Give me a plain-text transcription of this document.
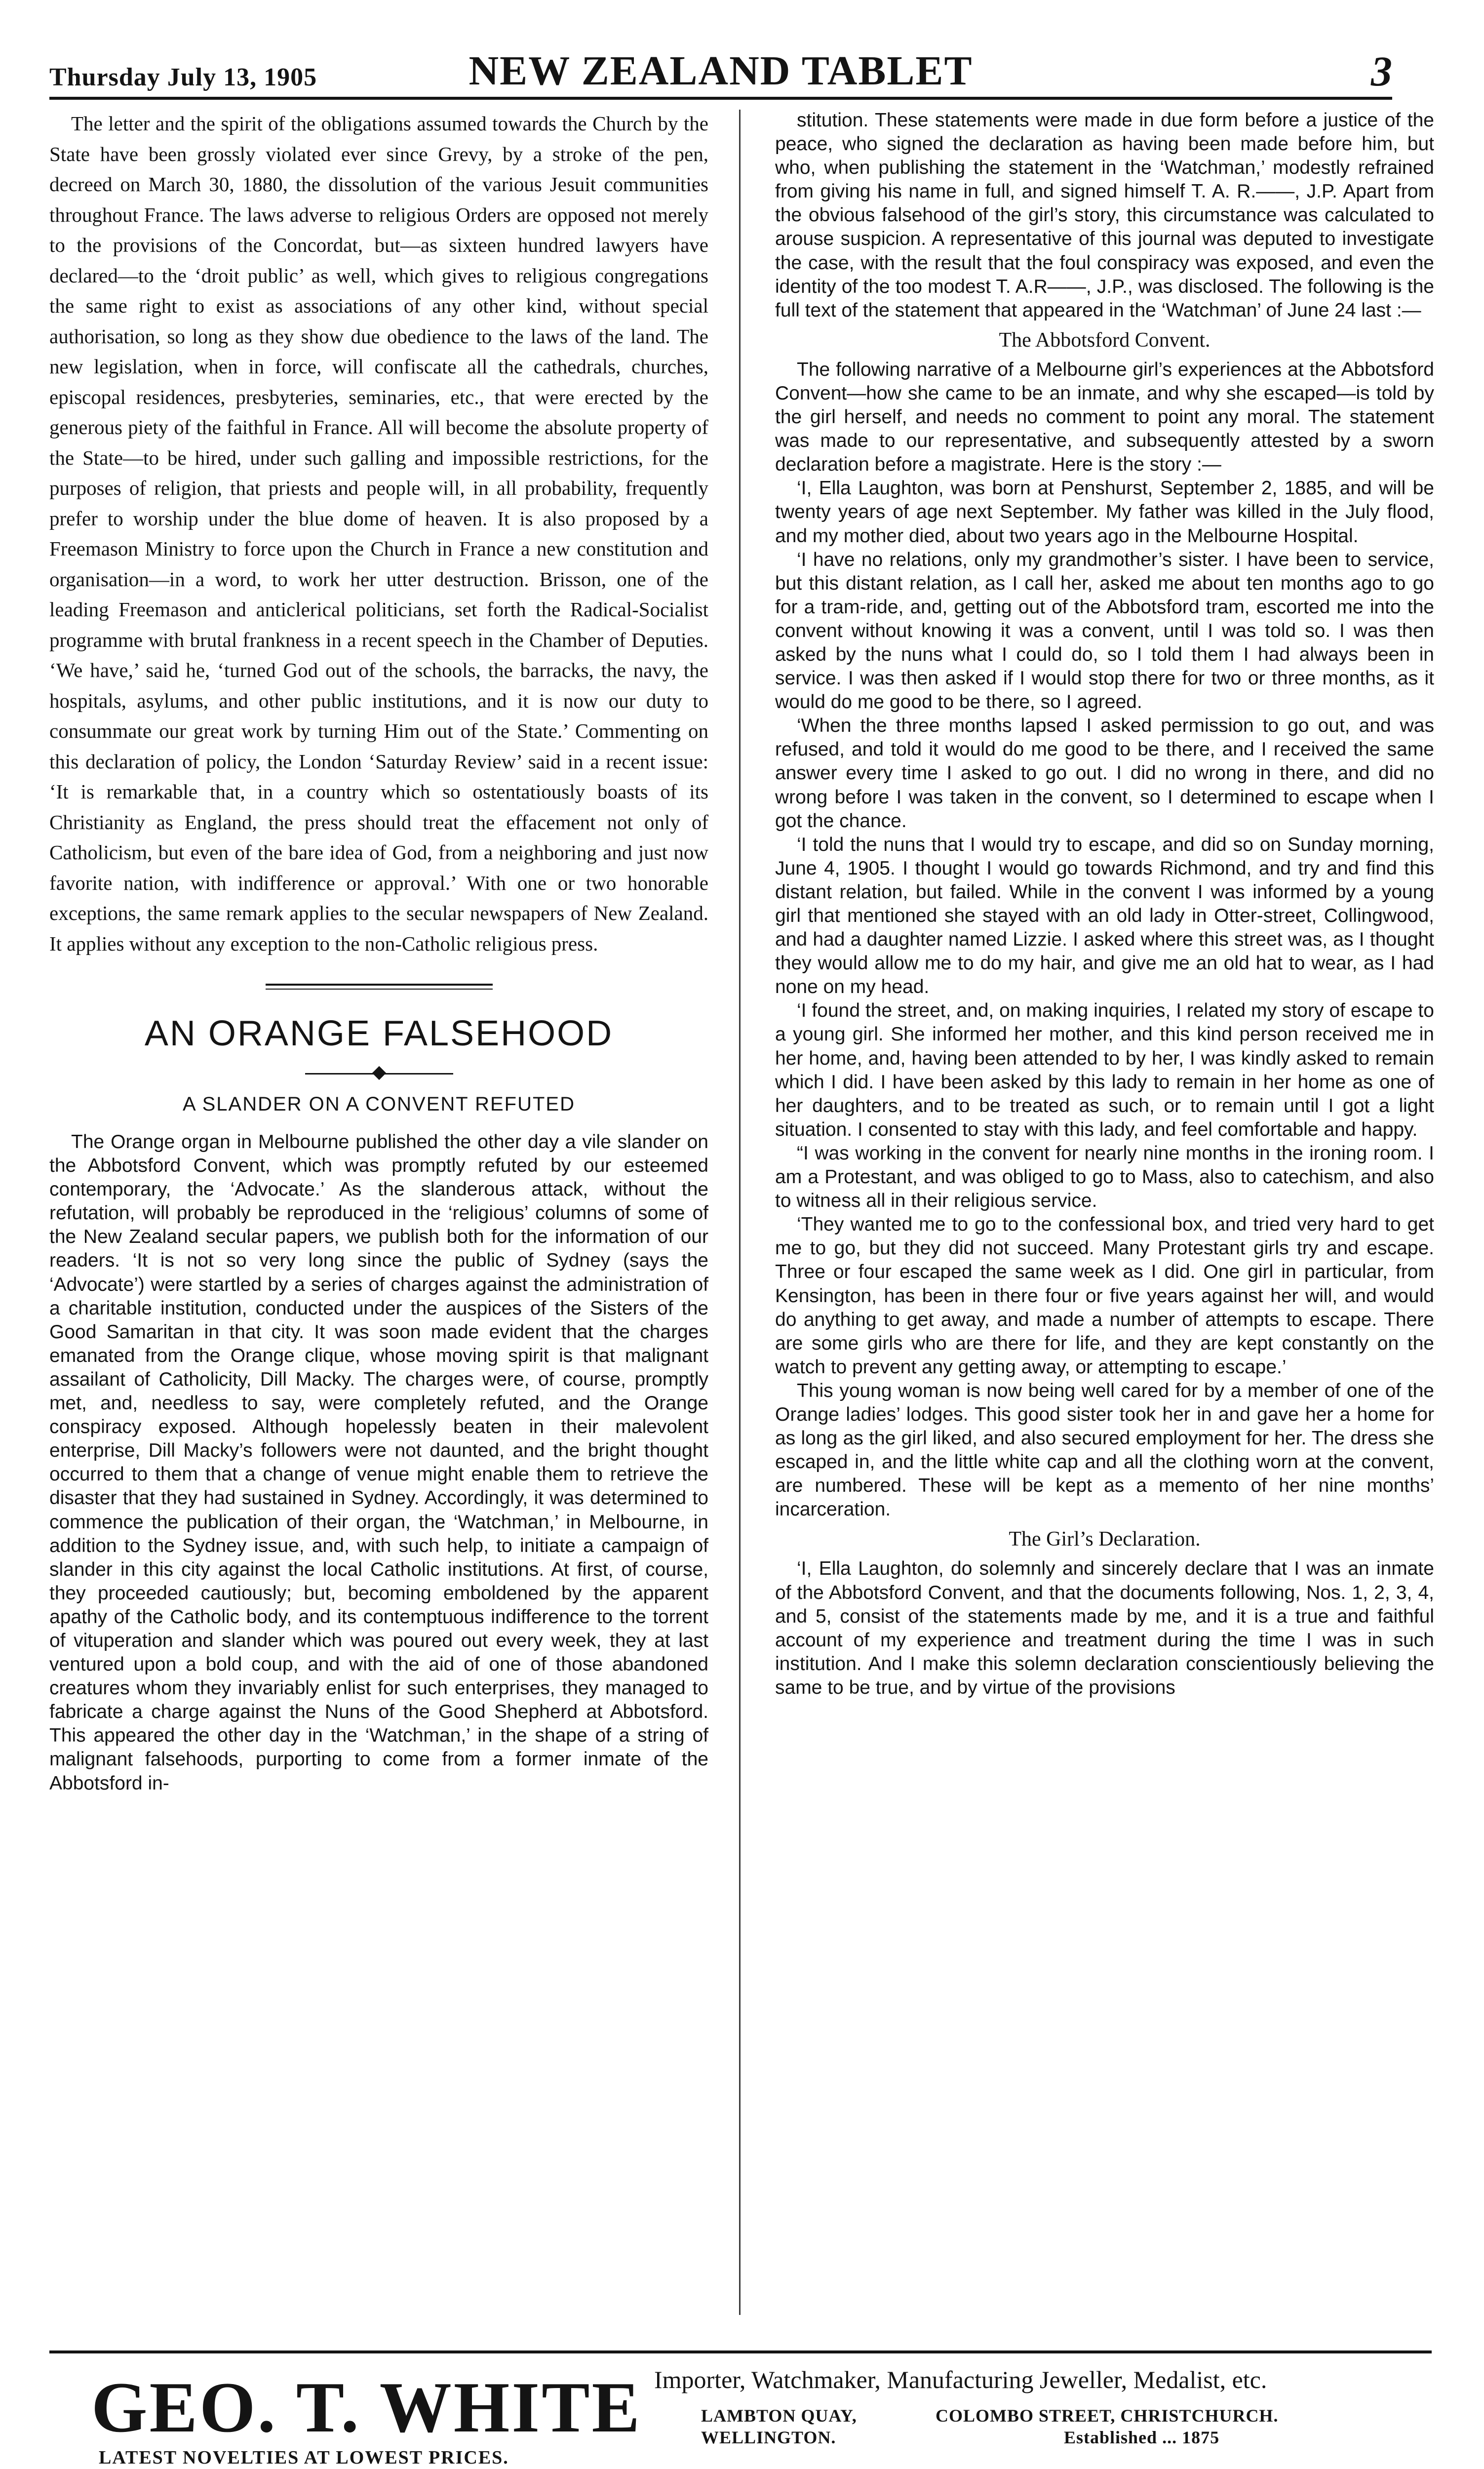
Thursday July 13, 1905	NEW ZEALAND TABLET	3

The letter and the spirit of the obligations assumed towards the Church by the State have been grossly violated ever since Grevy, by a stroke of the pen, decreed on March 30, 1880, the dissolution of the various Jesuit communities throughout France. The laws adverse to religious Orders are opposed not merely to the provisions of the Concordat, but—as sixteen hundred lawyers have declared—to the ‘droit public’ as well, which gives to religious congregations the same right to exist as associations of any other kind, without special authorisation, so long as they show due obedience to the laws of the land. The new legislation, when in force, will confiscate all the cathedrals, churches, episcopal residences, presbyteries, seminaries, etc., that were erected by the generous piety of the faithful in France. All will become the absolute property of the State—to be hired, under such galling and impossible restrictions, for the purposes of religion, that priests and people will, in all probability, frequently prefer to worship under the blue dome of heaven. It is also proposed by a Freemason Ministry to force upon the Church in France a new constitution and organisation—in a word, to work her utter destruction. Brisson, one of the leading Freemason and anticlerical politicians, set forth the Radical-Socialist programme with brutal frankness in a recent speech in the Chamber of Deputies. ‘We have,’ said he, ‘turned God out of the schools, the barracks, the navy, the hospitals, asylums, and other public institutions, and it is now our duty to consummate our great work by turning Him out of the State.’ Commenting on this declaration of policy, the London ‘Saturday Review’ said in a recent issue: ‘It is remarkable that, in a country which so ostentatiously boasts of its Christianity as England, the press should treat the effacement not only of Catholicism, but even of the bare idea of God, from a neighboring and just now favorite nation, with indifference or approval.’ With one or two honorable exceptions, the same remark applies to the secular newspapers of New Zealand. It applies without any exception to the non-Catholic religious press.

AN ORANGE FALSEHOOD
A SLANDER ON A CONVENT REFUTED

The Orange organ in Melbourne published the other day a vile slander on the Abbotsford Convent, which was promptly refuted by our esteemed contemporary, the ‘Advocate.’ As the slanderous attack, without the refutation, will probably be reproduced in the ‘religious’ columns of some of the New Zealand secular papers, we publish both for the information of our readers. ‘It is not so very long since the public of Sydney (says the ‘Advocate’) were startled by a series of charges against the administration of a charitable institution, conducted under the auspices of the Sisters of the Good Samaritan in that city. It was soon made evident that the charges emanated from the Orange clique, whose moving spirit is that malignant assailant of Catholicity, Dill Macky. The charges were, of course, promptly met, and, needless to say, were completely refuted, and the Orange conspiracy exposed. Although hopelessly beaten in their malevolent enterprise, Dill Macky’s followers were not daunted, and the bright thought occurred to them that a change of venue might enable them to retrieve the disaster that they had sustained in Sydney. Accordingly, it was determined to commence the publication of their organ, the ‘Watchman,’ in Melbourne, in addition to the Sydney issue, and, with such help, to initiate a campaign of slander in this city against the local Catholic institutions. At first, of course, they proceeded cautiously; but, becoming emboldened by the apparent apathy of the Catholic body, and its contemptuous indifference to the torrent of vituperation and slander which was poured out every week, they at last ventured upon a bold coup, and with the aid of one of those abandoned creatures whom they invariably enlist for such enterprises, they managed to fabricate a charge against the Nuns of the Good Shepherd at Abbotsford. This appeared the other day in the ‘Watchman,’ in the shape of a string of malignant falsehoods, purporting to come from a former inmate of the Abbotsford in-

stitution. These statements were made in due form before a justice of the peace, who signed the declaration as having been made before him, but who, when publishing the statement in the ‘Watchman,’ modestly refrained from giving his name in full, and signed himself T. A. R.——, J.P. Apart from the obvious falsehood of the girl’s story, this circumstance was calculated to arouse suspicion. A representative of this journal was deputed to investigate the case, with the result that the foul conspiracy was exposed, and even the identity of the too modest T. A.R——, J.P., was disclosed. The following is the full text of the statement that appeared in the ‘Watchman’ of June 24 last :—

The Abbotsford Convent.

The following narrative of a Melbourne girl’s experiences at the Abbotsford Convent—how she came to be an inmate, and why she escaped—is told by the girl herself, and needs no comment to point any moral. The statement was made to our representative, and subsequently attested by a sworn declaration before a magistrate. Here is the story :—

‘I, Ella Laughton, was born at Penshurst, September 2, 1885, and will be twenty years of age next September. My father was killed in the July flood, and my mother died, about two years ago in the Melbourne Hospital.

‘I have no relations, only my grandmother’s sister. I have been to service, but this distant relation, as I call her, asked me about ten months ago to go for a tram-ride, and, getting out of the Abbotsford tram, escorted me into the convent without knowing it was a convent, until I was told so. I was then asked by the nuns what I could do, so I told them I had always been in service. I was then asked if I would stop there for two or three months, as it would do me good to be there, so I agreed.

‘When the three months lapsed I asked permission to go out, and was refused, and told it would do me good to be there, and I received the same answer every time I asked to go out. I did no wrong in there, and did no wrong before I was taken in the convent, so I determined to escape when I got the chance.

‘I told the nuns that I would try to escape, and did so on Sunday morning, June 4, 1905. I thought I would go towards Richmond, and try and find this distant relation, but failed. While in the convent I was informed by a young girl that mentioned she stayed with an old lady in Otter-street, Collingwood, and had a daughter named Lizzie. I asked where this street was, as I thought they would allow me to do my hair, and give me an old hat to wear, as I had none on my head.

‘I found the street, and, on making inquiries, I related my story of escape to a young girl. She informed her mother, and this kind person received me in her home, and, having been attended to by her, I was kindly asked to remain which I did. I have been asked by this lady to remain in her home as one of her daughters, and to be treated as such, or to remain until I got a light situation. I consented to stay with this lady, and feel comfortable and happy.

“I was working in the convent for nearly nine months in the ironing room. I am a Protestant, and was obliged to go to Mass, also to catechism, and also to witness all in their religious service.

‘They wanted me to go to the confessional box, and tried very hard to get me to go, but they did not succeed. Many Protestant girls try and escape. Three or four escaped the same week as I did. One girl in particular, from Kensington, has been in there four or five years against her will, and would do anything to get away, and made a number of attempts to escape. There are some girls who are there for life, and they are kept constantly on the watch to prevent any getting away, or attempting to escape.’

This young woman is now being well cared for by a member of one of the Orange ladies’ lodges. This good sister took her in and gave her a home for as long as the girl liked, and also secured employment for her. The dress she escaped in, and the little white cap and all the clothing worn at the convent, are numbered. These will be kept as a memento of her nine months’ incarceration.

The Girl’s Declaration.

‘I, Ella Laughton, do solemnly and sincerely declare that I was an inmate of the Abbotsford Convent, and that the documents following, Nos. 1, 2, 3, 4, and 5, consist of the statements made by me, and it is a true and faithful account of my experience and treatment during the time I was in such institution. And I make this solemn declaration conscientiously believing the same to be true, and by virtue of the provisions

GEO. T. WHITE
LATEST NOVELTIES AT LOWEST PRICES.
Importer, Watchmaker, Manufacturing Jeweller, Medalist, etc.
LAMBTON QUAY,
WELLINGTON.
COLOMBO STREET, CHRISTCHURCH.
Established ... 1875
